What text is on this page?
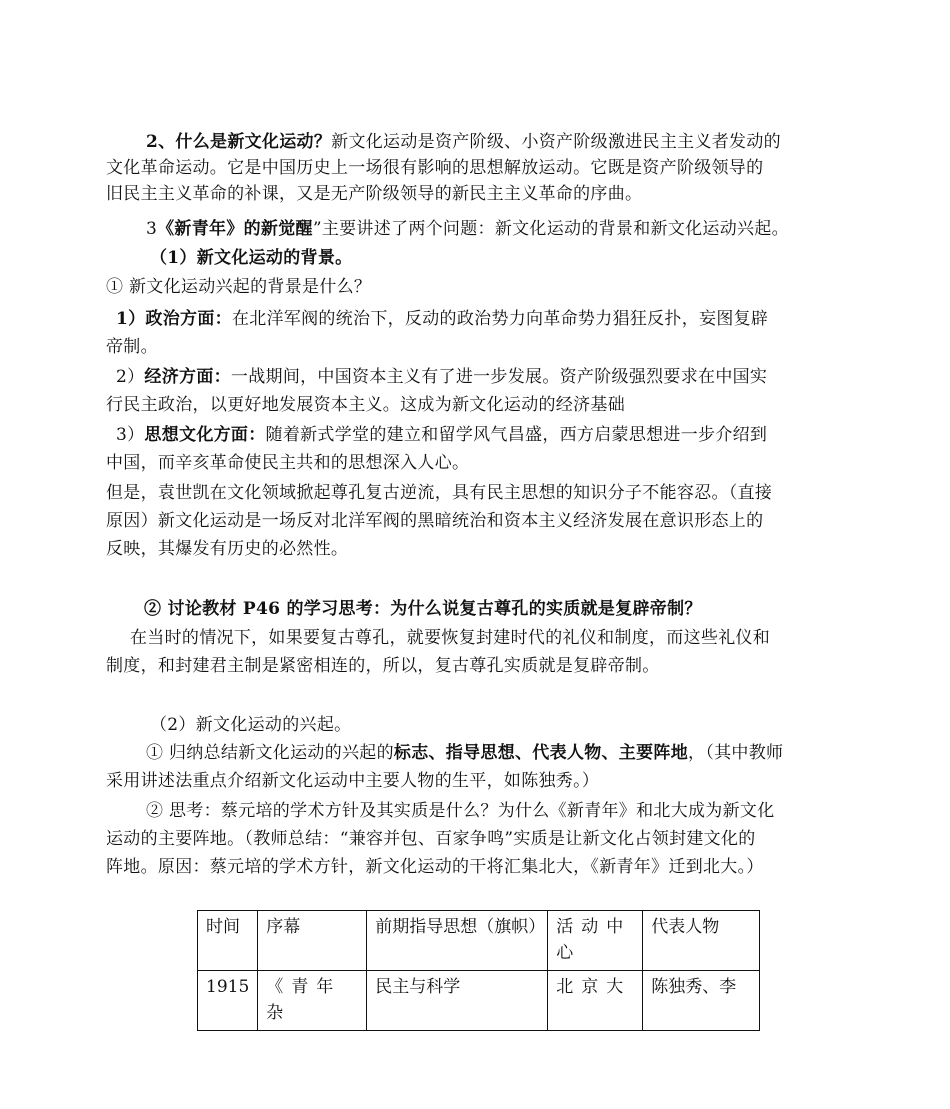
2、什么是新文化运动？新文化运动是资产阶级、小资产阶级激进民主主义者发动的
文化革命运动。它是中国历史上一场很有影响的思想解放运动。它既是资产阶级领导的
旧民主主义革命的补课，又是无产阶级领导的新民主主义革命的序曲。
3《新青年》的新觉醒”主要讲述了两个问题：新文化运动的背景和新文化运动兴起。
（1）新文化运动的背景。
① 新文化运动兴起的背景是什么？
1）政治方面：在北洋军阀的统治下，反动的政治势力向革命势力猖狂反扑，妄图复辟
帝制。
2）经济方面：一战期间，中国资本主义有了进一步发展。资产阶级强烈要求在中国实
行民主政治，以更好地发展资本主义。这成为新文化运动的经济基础
3）思想文化方面：随着新式学堂的建立和留学风气昌盛，西方启蒙思想进一步介绍到
中国，而辛亥革命使民主共和的思想深入人心。
但是，袁世凯在文化领域掀起尊孔复古逆流，具有民主思想的知识分子不能容忍。（直接
原因）新文化运动是一场反对北洋军阀的黑暗统治和资本主义经济发展在意识形态上的
反映，其爆发有历史的必然性。
② 讨论教材 P46 的学习思考：为什么说复古尊孔的实质就是复辟帝制？
在当时的情况下，如果要复古尊孔，就要恢复封建时代的礼仪和制度，而这些礼仪和
制度，和封建君主制是紧密相连的，所以，复古尊孔实质就是复辟帝制。
（2）新文化运动的兴起。
① 归纳总结新文化运动的兴起的标志、指导思想、代表人物、主要阵地，（其中教师
采用讲述法重点介绍新文化运动中主要人物的生平，如陈独秀。）
② 思考：蔡元培的学术方针及其实质是什么？为什么《新青年》和北大成为新文化
运动的主要阵地。（教师总结：“兼容并包、百家争鸣”实质是让新文化占领封建文化的
阵地。原因：蔡元培的学术方针，新文化运动的干将汇集北大，《新青年》迁到北大。）
时间	序幕	前期指导思想（旗帜）	活动中心	代表人物
1915	《青年杂	民主与科学	北京大	陈独秀、李
